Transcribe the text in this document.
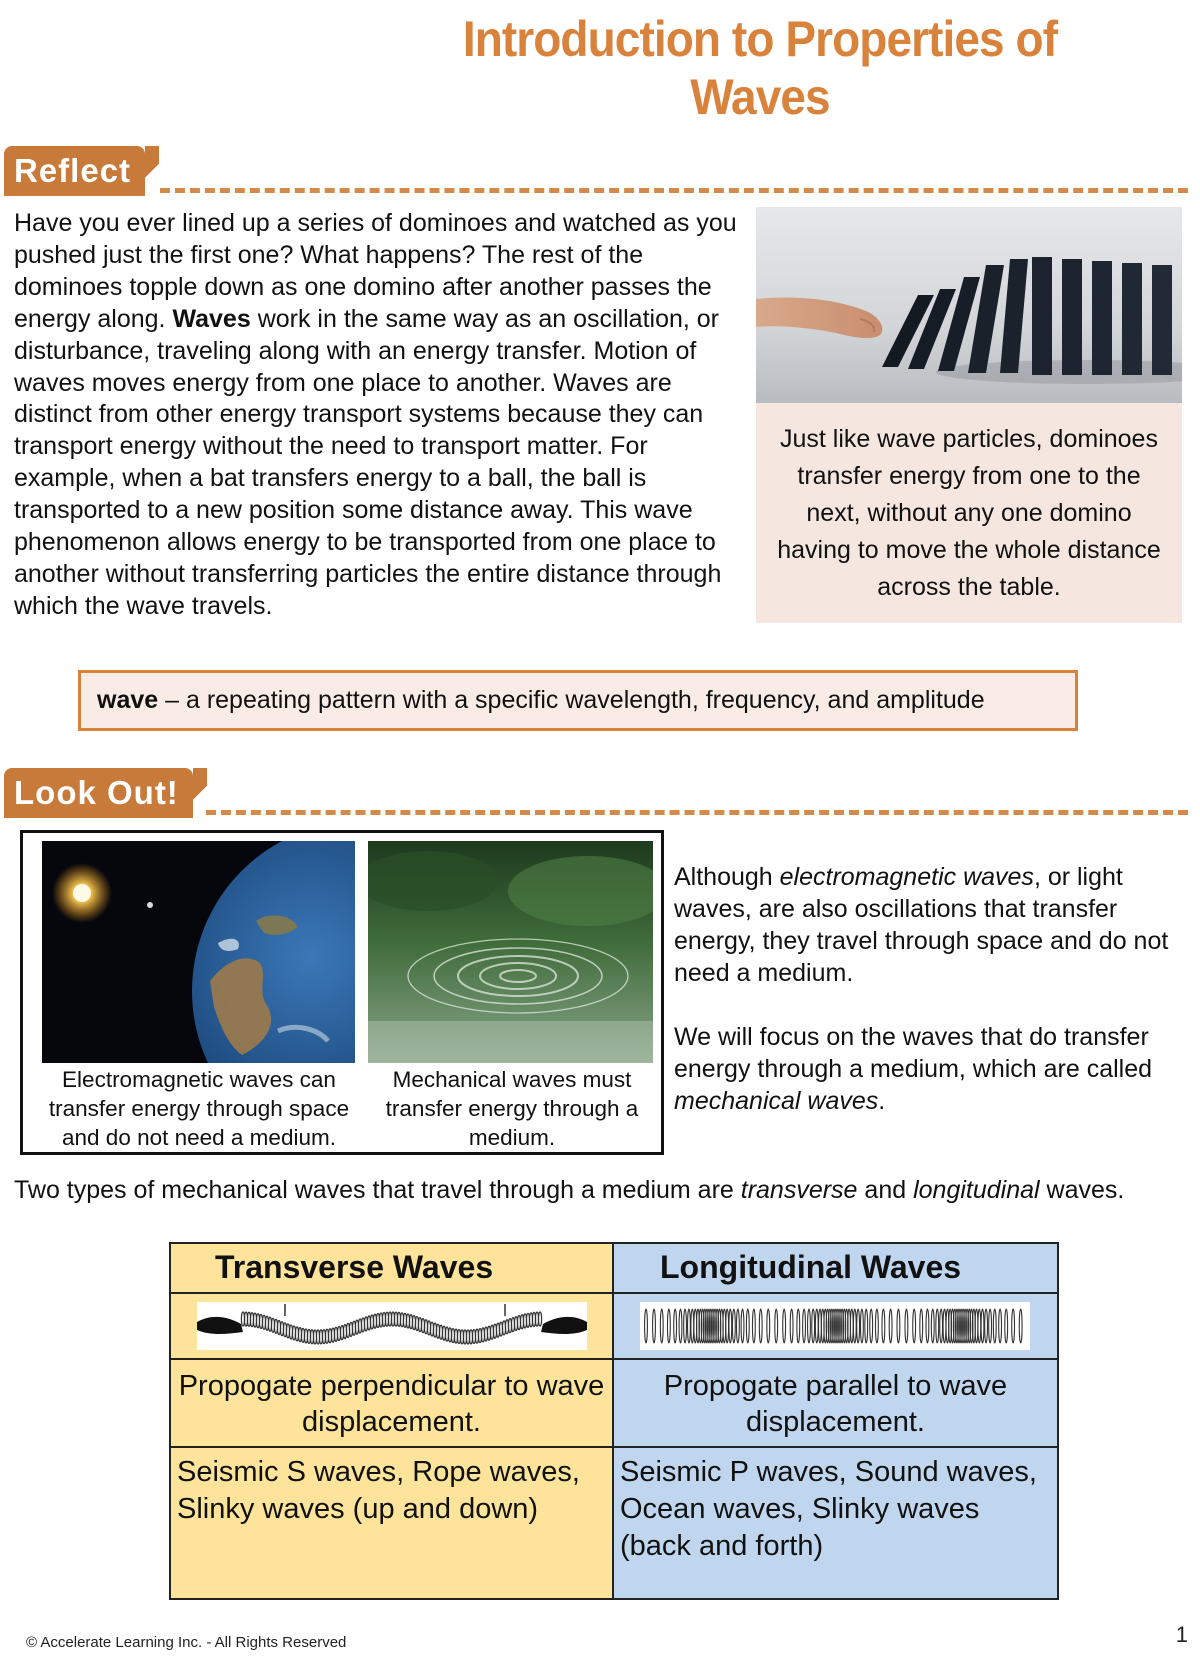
Introduction to Properties of Waves
Reflect
Have you ever lined up a series of dominoes and watched as you pushed just the first one? What happens? The rest of the dominoes topple down as one domino after another passes the energy along. Waves work in the same way as an oscillation, or disturbance, traveling along with an energy transfer. Motion of waves moves energy from one place to another. Waves are distinct from other energy transport systems because they can transport energy without the need to transport matter. For example, when a bat transfers energy to a ball, the ball is transported to a new position some distance away. This wave phenomenon allows energy to be transported from one place to another without transferring particles the entire distance through which the wave travels.
Just like wave particles, dominoes transfer energy from one to the next, without any one domino having to move the whole distance across the table.
wave – a repeating pattern with a specific wavelength, frequency, and amplitude
Look Out!
Electromagnetic waves can transfer energy through space and do not need a medium.
Mechanical waves must transfer energy through a medium.

Although electromagnetic waves, or light waves, are also oscillations that transfer energy, they travel through space and do not need a medium.

We will focus on the waves that do transfer energy through a medium, which are called mechanical waves.

Two types of mechanical waves that travel through a medium are transverse and longitudinal waves.
Transverse Waves	Longitudinal Waves

Propogate perpendicular to wave displacement.	Propogate parallel to wave displacement.
Seismic S waves, Rope waves, Slinky waves (up and down)	Seismic P waves, Sound waves, Ocean waves, Slinky waves (back and forth)
© Accelerate Learning Inc. - All Rights Reserved	1
